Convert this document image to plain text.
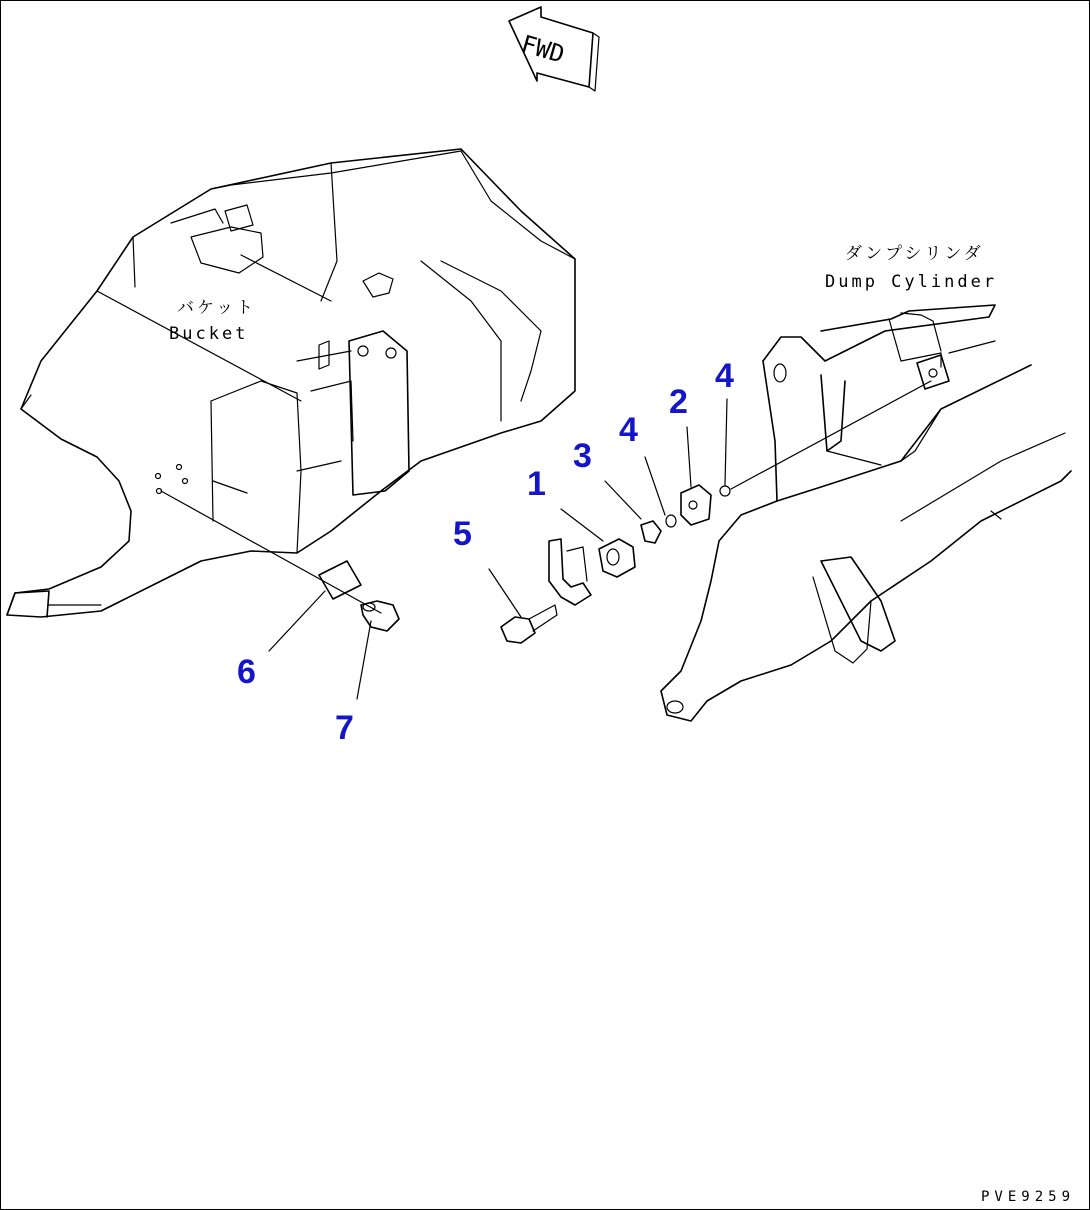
FWD
バケット
Bucket
ダンプシリンダ
Dump Cylinder
1
2
3
4
4
5
6
7
PVE9259
